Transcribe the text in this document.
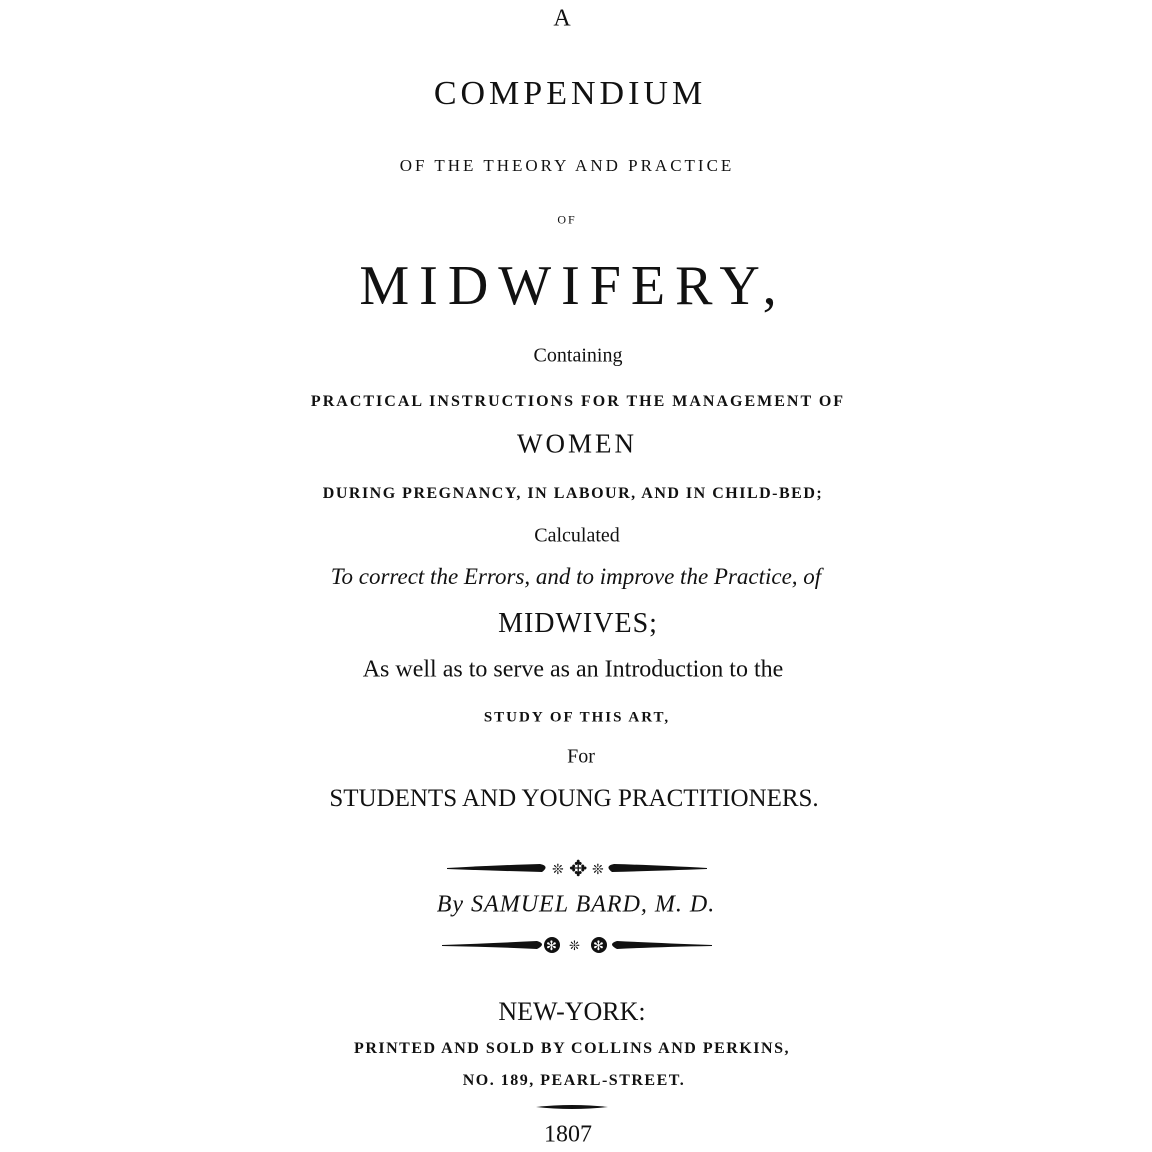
A
COMPENDIUM
OF THE THEORY AND PRACTICE
OF
MIDWIFERY,
Containing
PRACTICAL INSTRUCTIONS FOR THE MANAGEMENT OF
WOMEN
DURING PREGNANCY, IN LABOUR, AND IN CHILD-BED;
Calculated
To correct the Errors, and to improve the Practice, of
MIDWIVES;
As well as to serve as an Introduction to the
STUDY OF THIS ART,
For
STUDENTS AND YOUNG PRACTITIONERS.
❊ ✥ ❊
By SAMUEL BARD, M. D.
✻ ❊ ✻
NEW-YORK:
PRINTED AND SOLD BY COLLINS AND PERKINS,
NO. 189, PEARL-STREET.
1807
